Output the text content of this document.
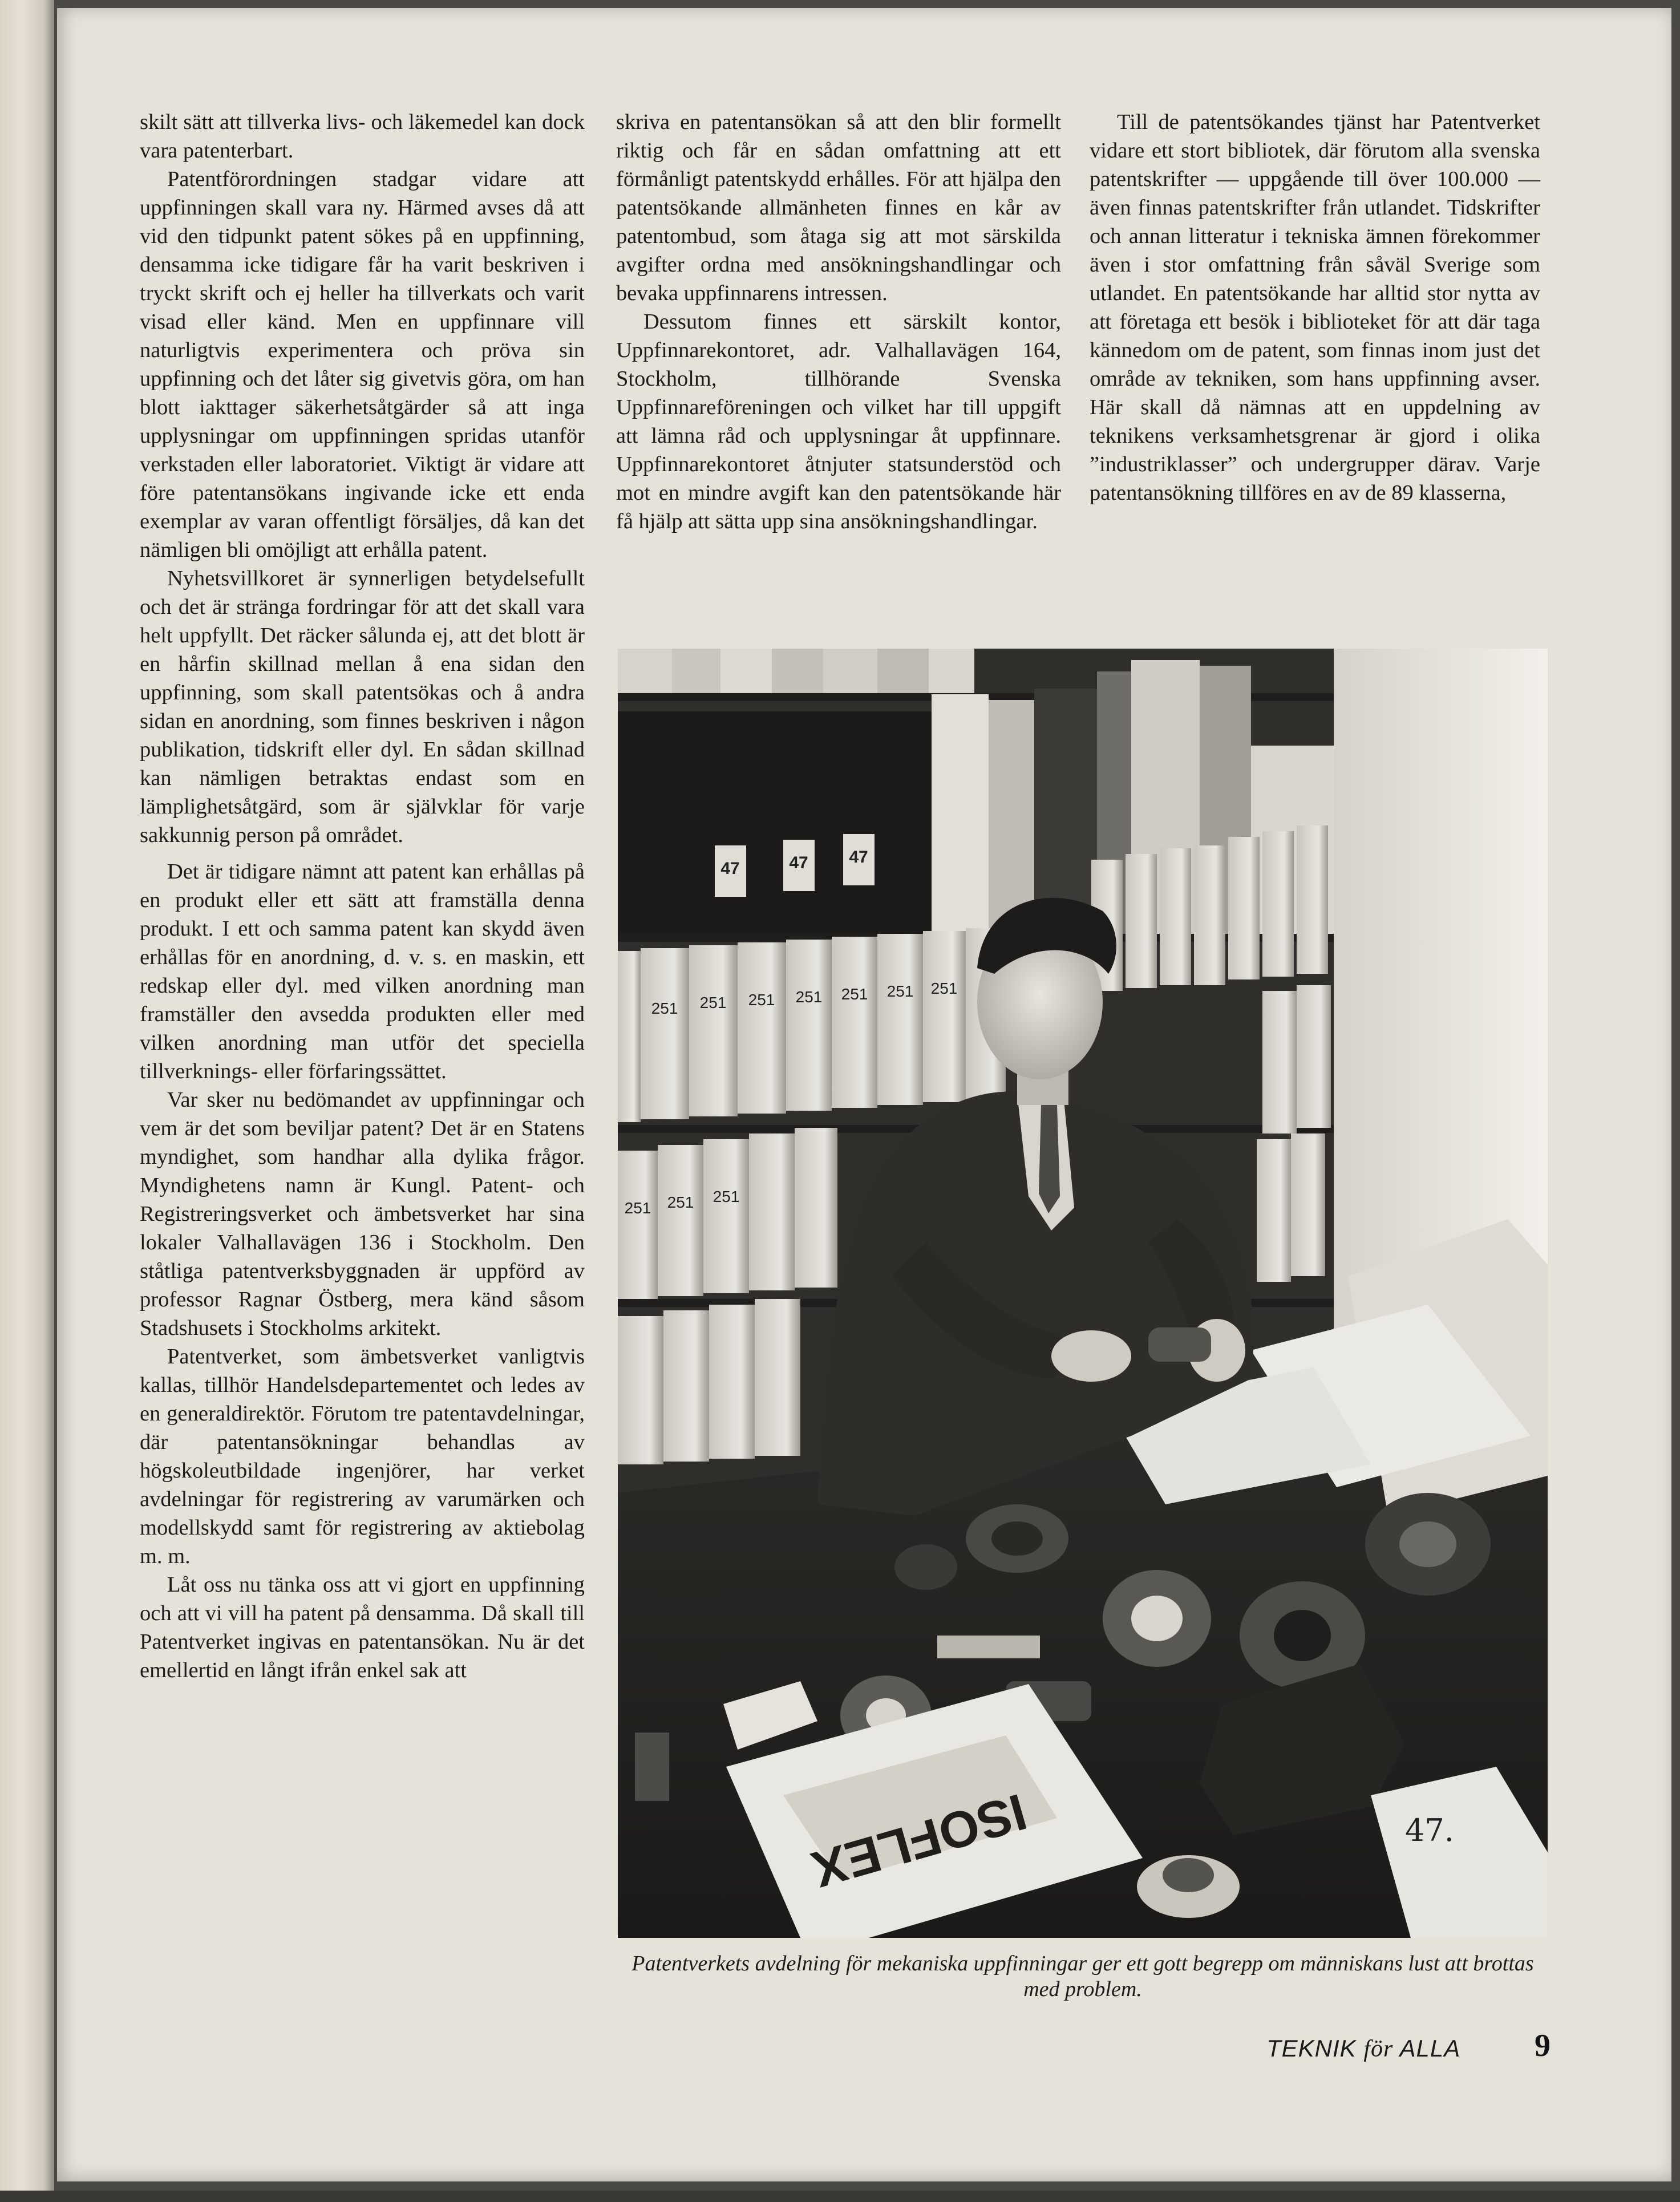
skilt sätt att tillverka livs- och läkemedel kan dock vara patenterbart.

Patentförordningen stadgar vidare att uppfinningen skall vara ny. Härmed avses då att vid den tidpunkt patent sökes på en uppfinning, densamma icke tidigare får ha varit beskriven i tryckt skrift och ej heller ha tillverkats och varit visad eller känd. Men en uppfinnare vill naturligtvis experimentera och pröva sin uppfinning och det låter sig givetvis göra, om han blott iakttager säkerhetsåtgärder så att inga upplysningar om uppfinningen spridas utanför verkstaden eller laboratoriet. Viktigt är vidare att före patentansökans ingivande icke ett enda exemplar av varan offentligt försäljes, då kan det nämligen bli omöjligt att erhålla patent.

Nyhetsvillkoret är synnerligen betydelsefullt och det är stränga fordringar för att det skall vara helt uppfyllt. Det räcker sålunda ej, att det blott är en hårfin skillnad mellan å ena sidan den uppfinning, som skall patentsökas och å andra sidan en anordning, som finnes beskriven i någon publikation, tidskrift eller dyl. En sådan skillnad kan nämligen betraktas endast som en lämplighetsåtgärd, som är självklar för varje sakkunnig person på området.

Det är tidigare nämnt att patent kan erhållas på en produkt eller ett sätt att framställa denna produkt. I ett och samma patent kan skydd även erhållas för en anordning, d. v. s. en maskin, ett redskap eller dyl. med vilken anordning man framställer den avsedda produkten eller med vilken anordning man utför det speciella tillverknings- eller förfaringssättet.

Var sker nu bedömandet av uppfinningar och vem är det som beviljar patent? Det är en Statens myndighet, som handhar alla dylika frågor. Myndighetens namn är Kungl. Patent- och Registreringsverket och ämbetsverket har sina lokaler Valhallavägen 136 i Stockholm. Den ståtliga patentverksbyggnaden är uppförd av professor Ragnar Östberg, mera känd såsom Stadshusets i Stockholms arkitekt.

Patentverket, som ämbetsverket vanligtvis kallas, tillhör Handelsdepartementet och ledes av en generaldirektör. Förutom tre patentavdelningar, där patentansökningar behandlas av högskoleutbildade ingenjörer, har verket avdelningar för registrering av varumärken och modellskydd samt för registrering av aktiebolag m. m.

Låt oss nu tänka oss att vi gjort en uppfinning och att vi vill ha patent på densamma. Då skall till Patentverket ingivas en patentansökan. Nu är det emellertid en långt ifrån enkel sak att

skriva en patentansökan så att den blir formellt riktig och får en sådan omfattning att ett förmånligt patentskydd erhålles. För att hjälpa den patentsökande allmänheten finnes en kår av patentombud, som åtaga sig att mot särskilda avgifter ordna med ansökningshandlingar och bevaka uppfinnarens intressen.

Dessutom finnes ett särskilt kontor, Uppfinnarekontoret, adr. Valhallavägen 164, Stockholm, tillhörande Svenska Uppfinnareföreningen och vilket har till uppgift att lämna råd och upplysningar åt uppfinnare. Uppfinnarekontoret åtnjuter statsunderstöd och mot en mindre avgift kan den patentsökande här få hjälp att sätta upp sina ansökningshandlingar.

Till de patentsökandes tjänst har Patentverket vidare ett stort bibliotek, där förutom alla svenska patentskrifter — uppgående till över 100.000 — även finnas patentskrifter från utlandet. Tidskrifter och annan litteratur i tekniska ämnen förekommer även i stor omfattning från såväl Sverige som utlandet. En patentsökande har alltid stor nytta av att företaga ett besök i biblioteket för att där taga kännedom om de patent, som finnas inom just det område av tekniken, som hans uppfinning avser. Här skall då nämnas att en uppdelning av teknikens verksamhetsgrenar är gjord i olika ”industriklasser” och undergrupper därav. Varje patentansökning tillföres en av de 89 klasserna,

47	47 47
251 251 251 251 251 251 251
251 251 251
ISOFLEX	47.
Patentverkets avdelning för mekaniska uppfinningar ger ett gott begrepp om människans lust att brottas med problem.
TEKNIK för ALLA 9
